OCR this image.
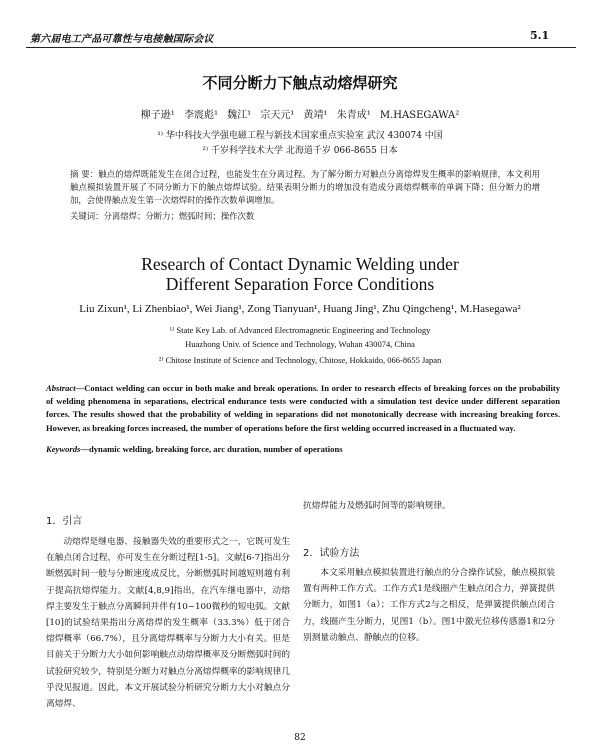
第六届电工产品可靠性与电接触国际会议	5.1
不同分断力下触点动熔焊研究
柳子逊¹ 李震彪¹ 魏江¹ 宗天元¹ 黄靖¹ 朱青成¹ M.HASEGAWA²
¹⁾ 华中科技大学强电磁工程与新技术国家重点实验室 武汉 430074 中国
²⁾ 千岁科学技术大学 北海道千岁 066-8655 日本
摘 要：触点的熔焊既能发生在闭合过程，也能发生在分离过程。为了解分断力对触点分离熔焊发生概率的影响规律，本文利用触点模拟装置开展了不同分断力下的触点熔焊试验。结果表明分断力的增加没有造成分离熔焊概率的单调下降；但分断力的增加，会使得触点发生第一次熔焊时的操作次数单调增加。
关键词：分离熔焊；分断力；燃弧时间；操作次数
Research of Contact Dynamic Welding under
Different Separation Force Conditions
Liu Zixun¹, Li Zhenbiao¹, Wei Jiang¹, Zong Tianyuan¹, Huang Jing¹, Zhu Qingcheng¹, M.Hasegawa²
¹⁾ State Key Lab. of Advanced Electromagnetic Engineering and Technology
Huazhong Univ. of Science and Technology, Wuhan 430074, China
²⁾ Chitose Institute of Science and Technology, Chitose, Hokkaido, 066-8655 Japan
Abstract—Contact welding can occur in both make and break operations. In order to research effects of breaking forces on the probability of welding phenomena in separations, electrical endurance tests were conducted with a simulation test device under different separation forces. The results showed that the probability of welding in separations did not monotonically decrease with increasing breaking forces. However, as breaking forces increased, the number of operations before the first welding occurred increased in a fluctuated way.
Keywords—dynamic welding, breaking force, arc duration, number of operations
1．引言

动熔焊是继电器、接触器失效的重要形式之一，它既可发生在触点闭合过程，亦可发生在分断过程[1-5]。文献[6-7]指出分断燃弧时间一般与分断速度成反比，分断燃弧时间越短则越有利于提高抗熔焊能力。文献[4,8,9]指出，在汽车继电器中，动熔焊主要发生于触点分离瞬间并伴有10~100微秒的短电弧。文献[10]的试验结果指出分离熔焊的发生概率（33.3%）低于闭合熔焊概率（66.7%），且分离熔焊概率与分断力大小有关。但是目前关于分断力大小如何影响触点动熔焊概率及分断燃弧时间的试验研究较少，特别是分断力对触点分离熔焊概率的影响规律几乎没见报道。因此，本文开展试验分析研究分断力大小对触点分离熔焊、

抗熔焊能力及燃弧时间等的影响规律。

2．试验方法

本文采用触点模拟装置进行触点的分合操作试验，触点模拟装置有两种工作方式。工作方式1是线圈产生触点闭合力，弹簧提供分断力，如图1（a）；工作方式2与之相反，是弹簧提供触点闭合力，线圈产生分断力，见图1（b）。图1中激光位移传感器1和2分别测量动触点、静触点的位移。

82
